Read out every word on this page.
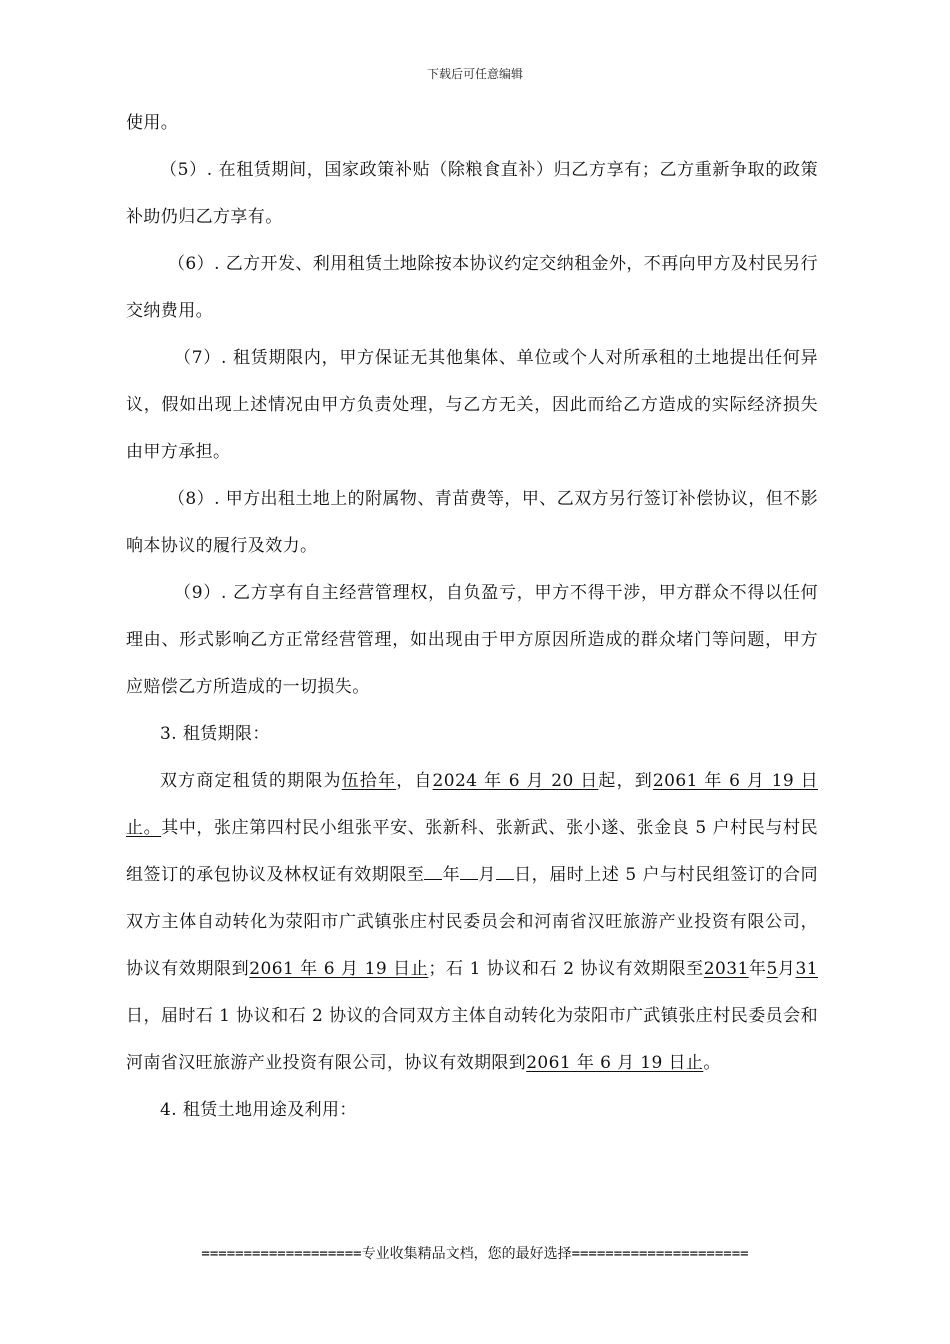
下载后可任意编辑

使用。

（5）. 在租赁期间，国家政策补贴（除粮食直补）归乙方享有；乙方重新争取的政策补助仍归乙方享有。

（6）. 乙方开发、利用租赁土地除按本协议约定交纳租金外，不再向甲方及村民另行交纳费用。

（7）. 租赁期限内，甲方保证无其他集体、单位或个人对所承租的土地提出任何异议，假如出现上述情况由甲方负责处理，与乙方无关，因此而给乙方造成的实际经济损失由甲方承担。

（8）. 甲方出租土地上的附属物、青苗费等，甲、乙双方另行签订补偿协议，但不影响本协议的履行及效力。

（9）. 乙方享有自主经营管理权，自负盈亏，甲方不得干涉，甲方群众不得以任何理由、形式影响乙方正常经营管理，如出现由于甲方原因所造成的群众堵门等问题，甲方应赔偿乙方所造成的一切损失。

3. 租赁期限：

双方商定租赁的期限为伍拾年，自2024 年 6 月 20 日起，到2061 年 6 月 19 日止。其中，张庄第四村民小组张平安、张新科、张新武、张小遂、张金良 5 户村民与村民组签订的承包协议及林权证有效期限至 年 月 日，届时上述 5 户与村民组签订的合同双方主体自动转化为荥阳市广武镇张庄村民委员会和河南省汉旺旅游产业投资有限公司，协议有效期限到2061 年 6 月 19 日止；石 1 协议和石 2 协议有效期限至2031年5月31日，届时石 1 协议和石 2 协议的合同双方主体自动转化为荥阳市广武镇张庄村民委员会和河南省汉旺旅游产业投资有限公司，协议有效期限到2061 年 6 月 19 日止。

4. 租赁土地用途及利用：

===================专业收集精品文档，您的最好选择=====================
